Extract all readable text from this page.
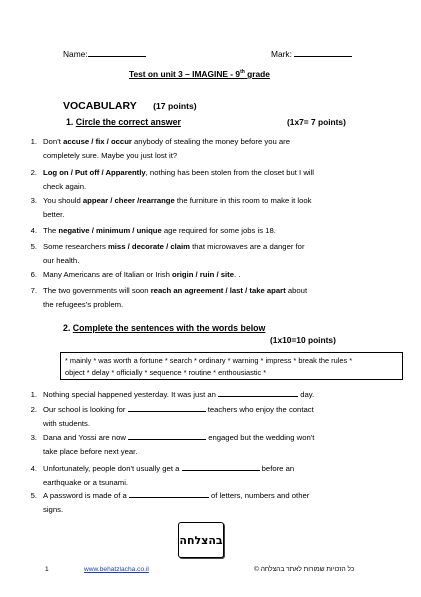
Name:	Mark:
Test on unit 3 – IMAGINE - 9th grade
VOCABULARY (17 points)
1. Circle the correct answer	(1x7= 7 points)
1. Don’t accuse / fix / occur anybody of stealing the money before you are
completely sure. Maybe you just lost it?
2. Log on / Put off / Apparently, nothing has been stolen from the closet but I will
check again.
3. You should appear / cheer /rearrange the furniture in this room to make it look
better.
4. The negative / minimum / unique age required for some jobs is 18.
5. Some researchers miss / decorate / claim that microwaves are a danger for
our health.
6. Many Americans are of Italian or Irish origin / ruin / site. .
7. The two governments will soon reach an agreement / last / take apart about
the refugees’s problem.
2. Complete the sentences with the words below
(1x10=10 points)
* mainly * was worth a fortune * search * ordinary * warning * impress * break the rules *
object * delay * officially * sequence * routine * enthousiastic *
1. Nothing special happened yesterday. It was just an	day.
2. Our school is looking for	teachers who enjoy the contact
with students.
3. Dana and Yossi are now	engaged but the wedding won't
take place before next year.
4. Unfortunately, people don't usually get a	before an
earthquake or a tsunami.
5. A password is made of a	of letters, numbers and other
signs.
בהצלחה
1	www.behatzlacha.co.il	כל הזכויות שמורות לאתר בהצלחה ©
